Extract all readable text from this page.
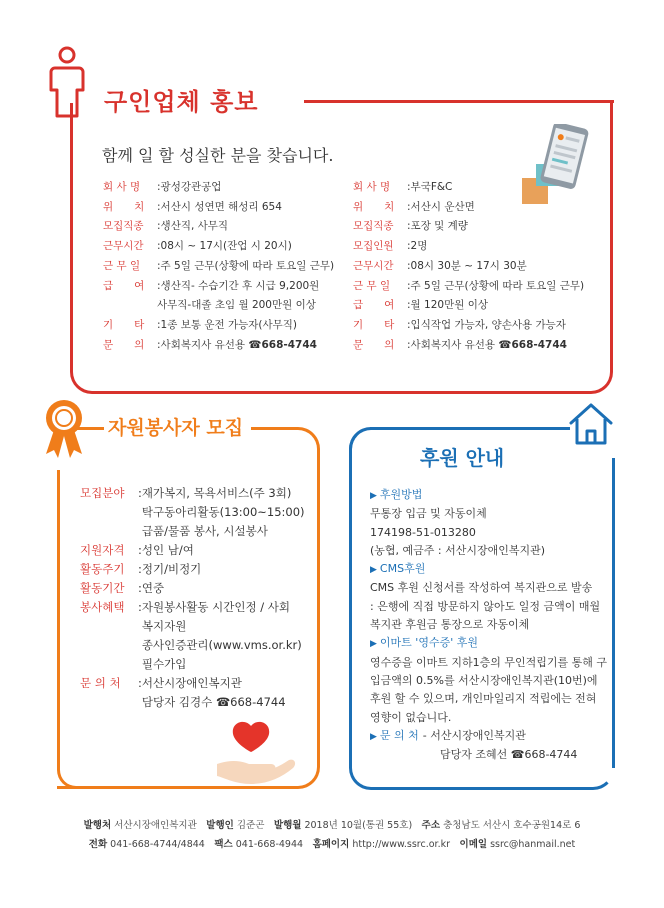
구인업체 홍보
함께 일 할 성실한 분을 찾습니다.
회 사 명	: 광성강관공업
위　　치	: 서산시 성연면 해성리 654
모집직종	: 생산직, 사무직
근무시간	: 08시 ~ 17시(잔업 시 20시)
근 무 일	: 주 5일 근무(상황에 따라 토요일 근무)
급　　여	: 생산직- 수습기간 후 시급 9,200원
사무직-대졸 초임 월 200만원 이상
기　　타	: 1종 보통 운전 가능자(사무직)
문　　의	: 사회복지사 유선용 ☎668-4744
회 사 명	: 부국F&C
위　　치	: 서산시 운산면
모집직종	: 포장 및 계량
모집인원	: 2명
근무시간	: 08시 30분 ~ 17시 30분
근 무 일	: 주 5일 근무(상황에 따라 토요일 근무)
급　　여	: 월 120만원 이상
기　　타	: 입식작업 가능자, 양손사용 가능자
문　　의	: 사회복지사 유선용 ☎668-4744
자원봉사자 모집
모집분야	: 재가복지, 목욕서비스(주 3회)
탁구동아리활동(13:00~15:00)
급품/물품 봉사, 시설봉사
지원자격	: 성인 남/여
활동주기	: 정기/비정기
활동기간	: 연중
봉사혜택	: 자원봉사활동 시간인정 / 사회
복지자원
종사인증관리(www.vms.or.kr)
필수가입
문 의 처	: 서산시장애인복지관
담당자 김경수 ☎668-4744
후원 안내
▶ 후원방법
무통장 입금 및 자동이체
174198-51-013280
(농협, 예금주 : 서산시장애인복지관)
▶ CMS후원
CMS 후원 신청서를 작성하여 복지관으로 발송
: 은행에 직접 방문하지 않아도 일정 금액이 매월
복지관 후원금 통장으로 자동이체
▶ 이마트 '영수증' 후원
영수증을 이마트 지하1층의 무인적립기를 통해 구
입금액의 0.5%를 서산시장애인복지관(10번)에
후원 할 수 있으며, 개인마일리지 적립에는 전혀
영향이 없습니다.
▶ 문 의 처 - 서산시장애인복지관
담당자 조혜선 ☎668-4744
발행처 서산시장애인복지관　 발행인 김준곤　 발행월 2018년 10월(통권 55호)　 주소 충청남도 서산시 호수공원14로 6　
전화 041-668-4744/4844　 팩스 041-668-4944　 홈페이지 http://www.ssrc.or.kr　 이메일 ssrc@hanmail.net　
